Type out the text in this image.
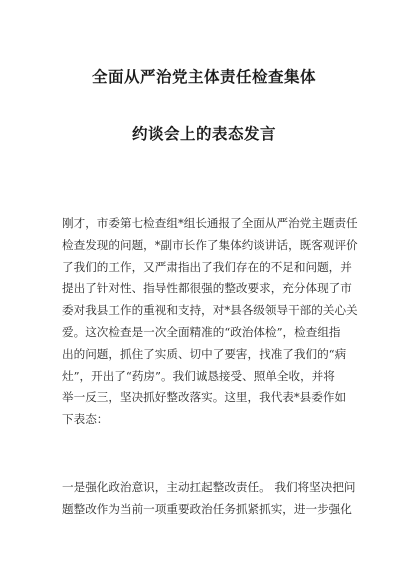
全面从严治党主体责任检查集体
约谈会上的表态发言
刚才，市委第七检查组*组长通报了全面从严治党主题责任
检查发现的问题，*副市长作了集体约谈讲话，既客观评价
了我们的工作，又严肃指出了我们存在的不足和问题，并
提出了针对性、指导性都很强的整改要求，充分体现了市
委对我县工作的重视和支持，对*县各级领导干部的关心关
爱。这次检查是一次全面精准的“政治体检”，检查组指
出的问题，抓住了实质、切中了要害，找准了我们的“病
灶”，开出了“药房”。我们诚恳接受、照单全收，并将
举一反三，坚决抓好整改落实。这里，我代表*县委作如
下表态：
一是强化政治意识，主动扛起整改责任。 我们将坚决把问
题整改作为当前一项重要政治任务抓紧抓实，进一步强化
